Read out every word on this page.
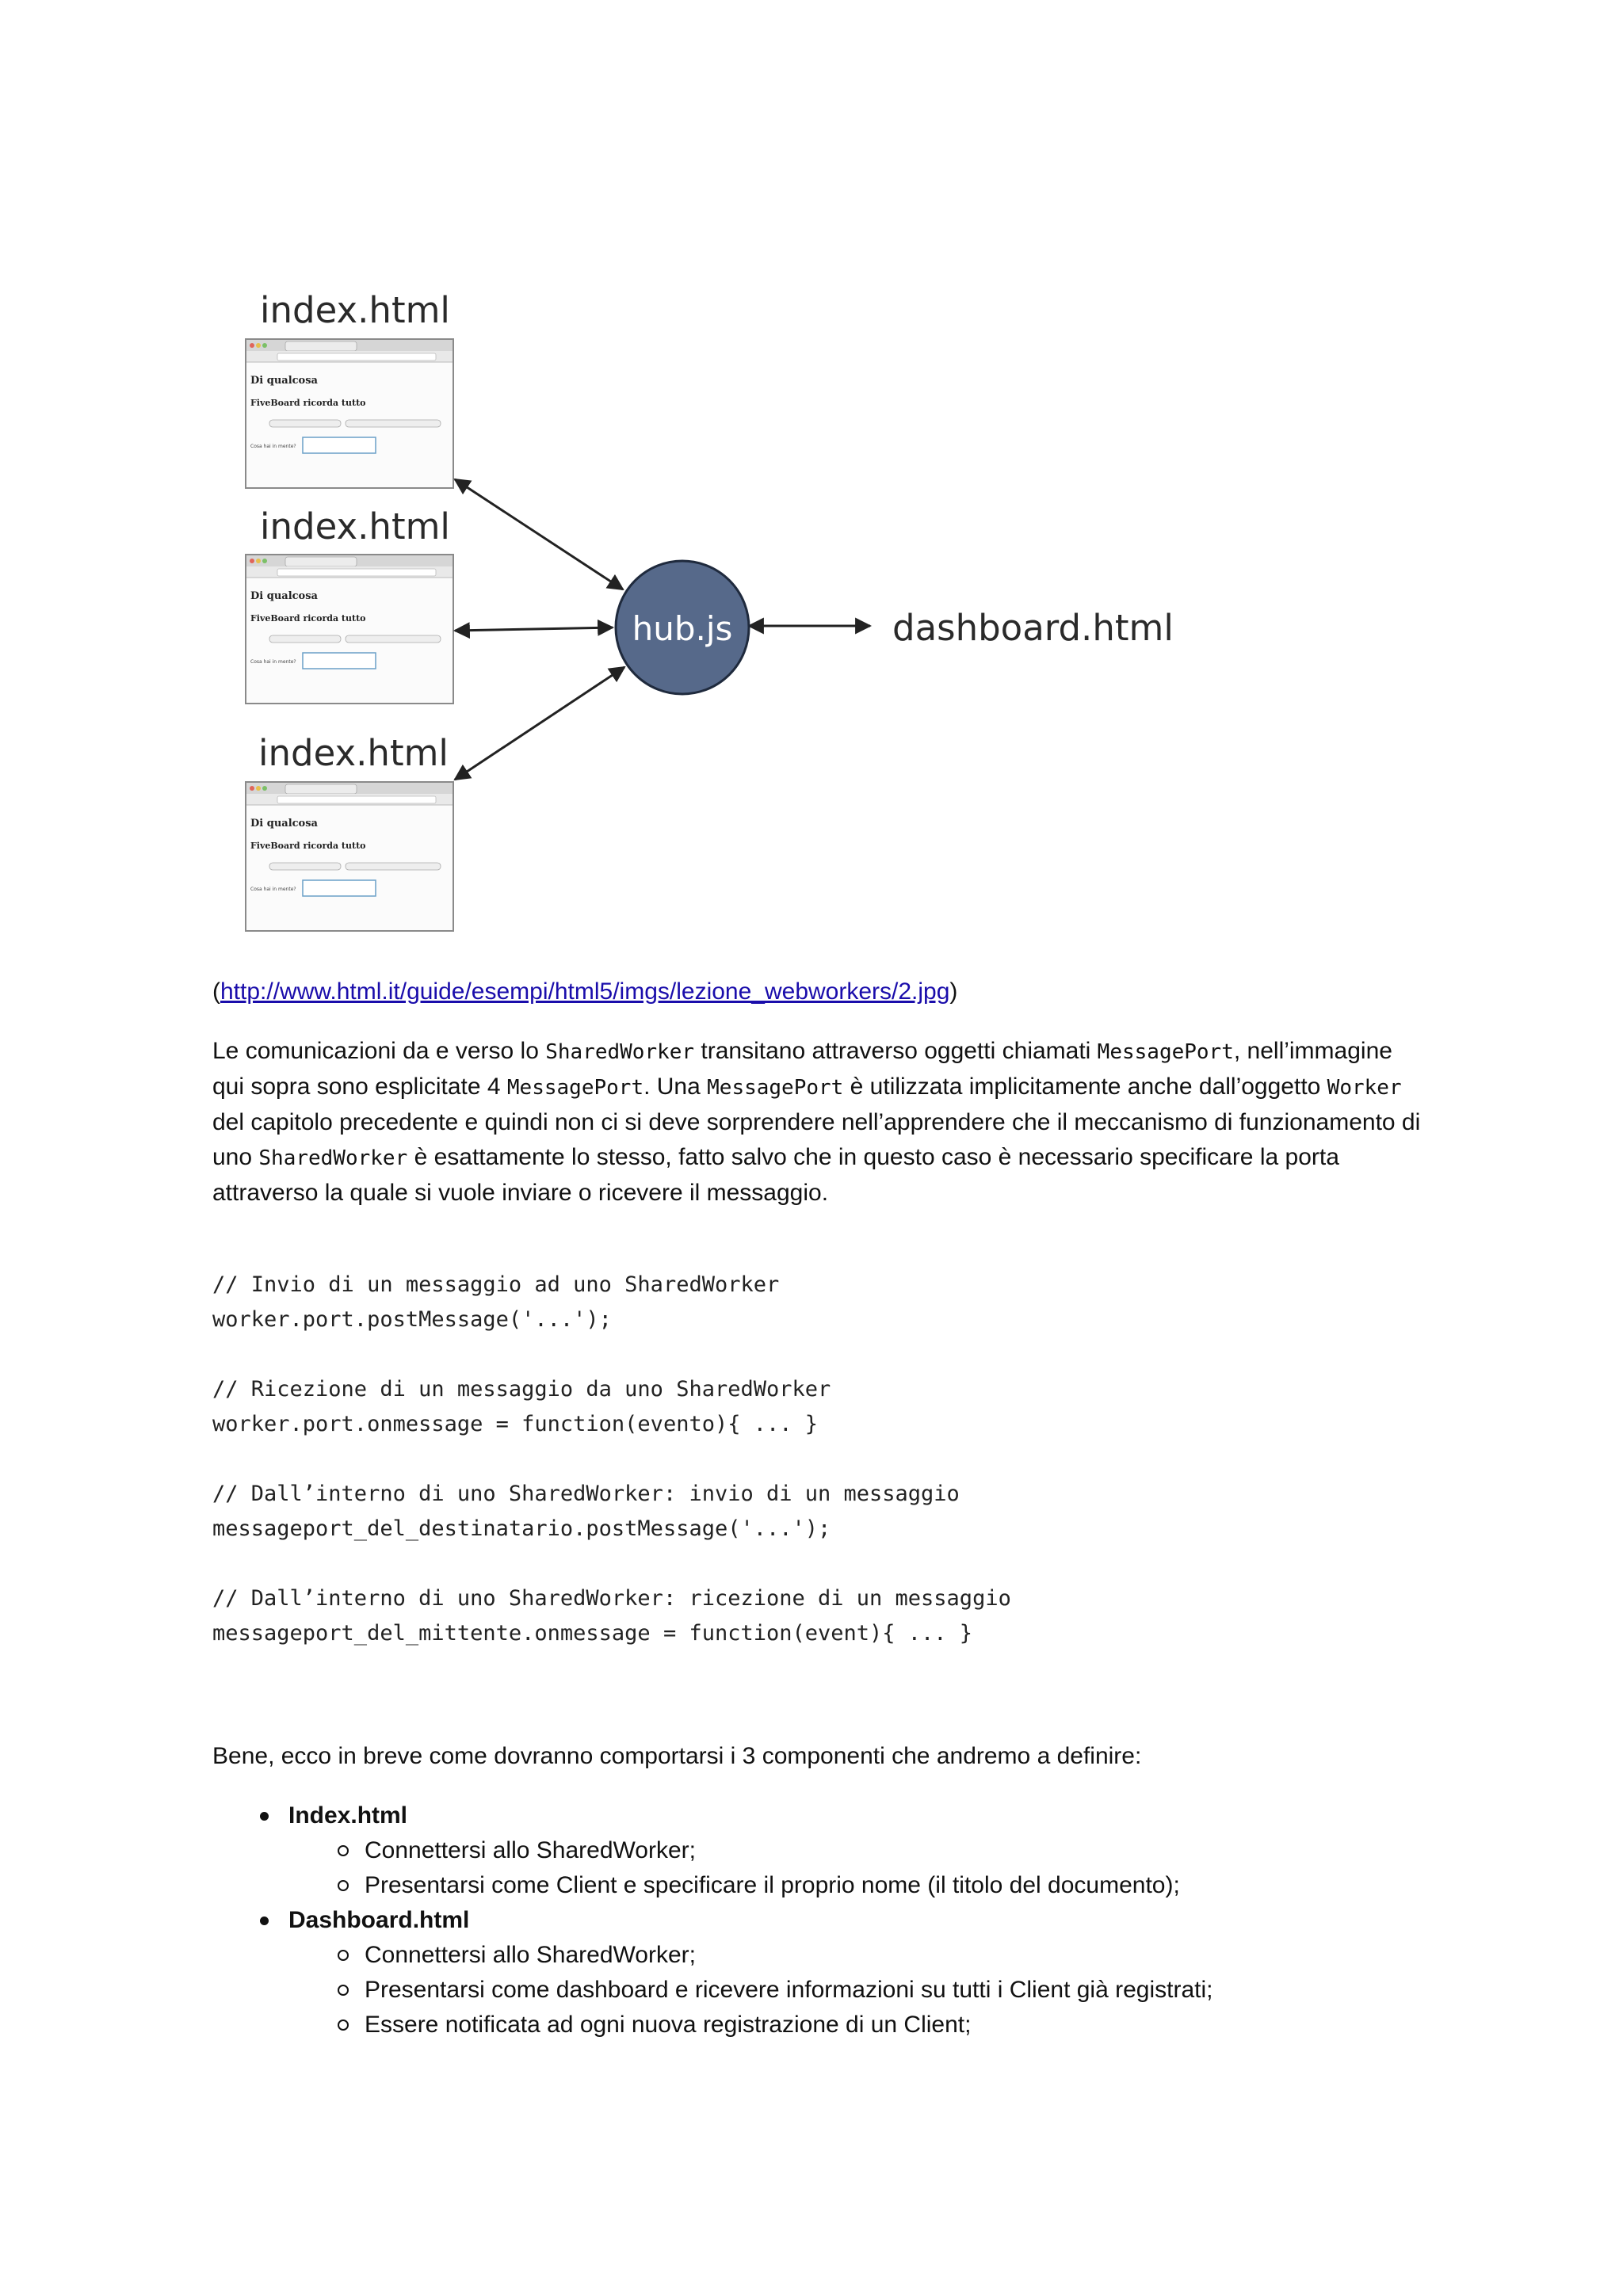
index.html
Di qualcosa
FiveBoard ricorda tutto
Cosa hai in mente?
index.html
Di qualcosa
FiveBoard ricorda tutto
Cosa hai in mente?
index.html
Di qualcosa
FiveBoard ricorda tutto
Cosa hai in mente?
hub.js	dashboard.html
(http://www.html.it/guide/esempi/html5/imgs/lezione_webworkers/2.jpg)

Le comunicazioni da e verso lo SharedWorker transitano attraverso oggetti chiamati MessagePort, nell’immagine qui sopra sono esplicitate 4 MessagePort. Una MessagePort è utilizzata implicitamente anche dall’oggetto Worker del capitolo precedente e quindi non ci si deve sorprendere nell’apprendere che il meccanismo di funzionamento di uno SharedWorker è esattamente lo stesso, fatto salvo che in questo caso è necessario specificare la porta attraverso la quale si vuole inviare o ricevere il messaggio.

// Invio di un messaggio ad uno SharedWorker
worker.port.postMessage('...');

// Ricezione di un messaggio da uno SharedWorker
worker.port.onmessage = function(evento){ ... }

// Dall’interno di uno SharedWorker: invio di un messaggio
messageport_del_destinatario.postMessage('...');

// Dall’interno di uno SharedWorker: ricezione di un messaggio
messageport_del_mittente.onmessage = function(event){ ... }

Bene, ecco in breve come dovranno comportarsi i 3 componenti che andremo a definire:

Index.html
Connettersi allo SharedWorker;
Presentarsi come Client e specificare il proprio nome (il titolo del documento);
Dashboard.html
Connettersi allo SharedWorker;
Presentarsi come dashboard e ricevere informazioni su tutti i Client già registrati;
Essere notificata ad ogni nuova registrazione di un Client;
